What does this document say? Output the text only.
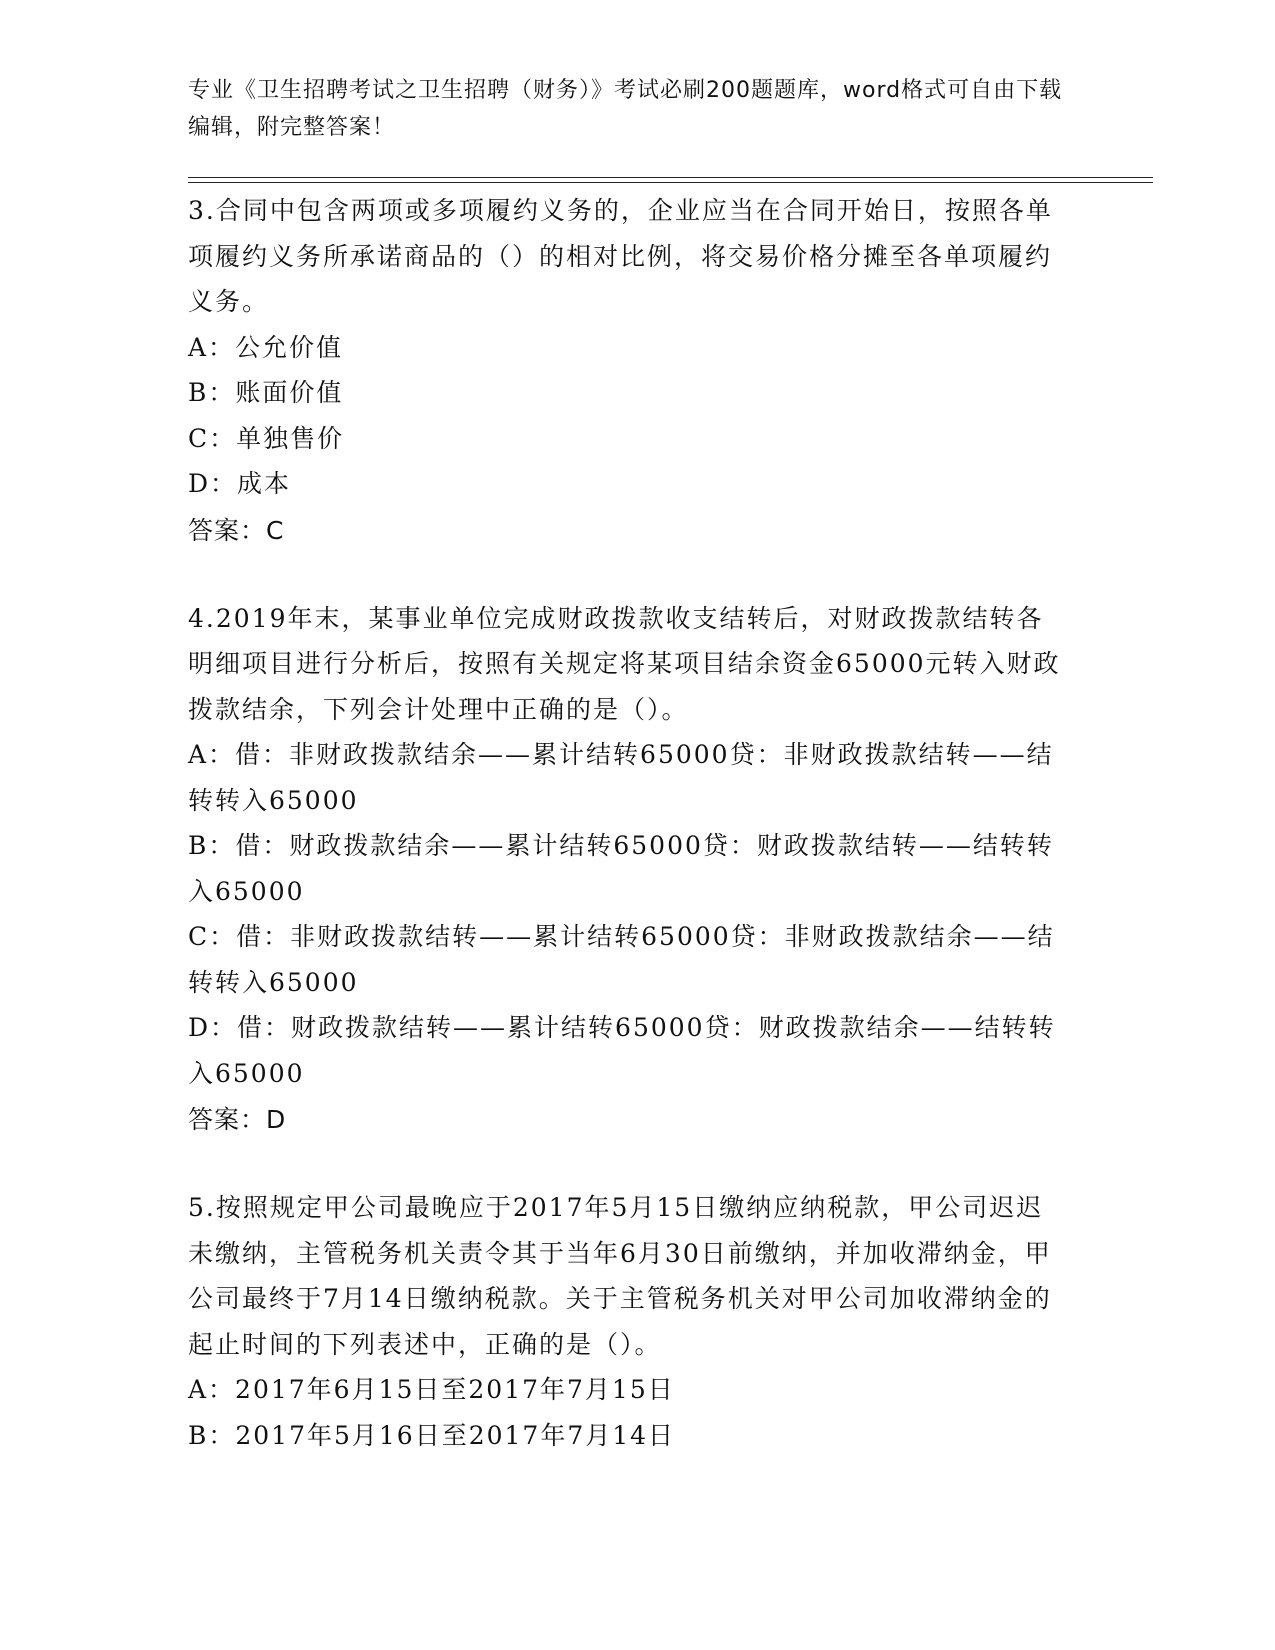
专业《卫生招聘考试之卫生招聘（财务）》考试必刷200题题库，word格式可自由下载编辑，附完整答案！

3.合同中包含两项或多项履约义务的，企业应当在合同开始日，按照各单项履约义务所承诺商品的（）的相对比例，将交易价格分摊至各单项履约义务。

A：公允价值

B：账面价值

C：单独售价

D：成本

答案：C

4.2019年末，某事业单位完成财政拨款收支结转后，对财政拨款结转各明细项目进行分析后，按照有关规定将某项目结余资金65000元转入财政拨款结余，下列会计处理中正确的是（）。

A：借：非财政拨款结余——累计结转65000贷：非财政拨款结转——结转转入65000

B：借：财政拨款结余——累计结转65000贷：财政拨款结转——结转转入65000

C：借：非财政拨款结转——累计结转65000贷：非财政拨款结余——结转转入65000

D：借：财政拨款结转——累计结转65000贷：财政拨款结余——结转转入65000

答案：D

5.按照规定甲公司最晚应于2017年5月15日缴纳应纳税款，甲公司迟迟未缴纳，主管税务机关责令其于当年6月30日前缴纳，并加收滞纳金，甲公司最终于7月14日缴纳税款。关于主管税务机关对甲公司加收滞纳金的起止时间的下列表述中，正确的是（）。

A：2017年6月15日至2017年7月15日

B：2017年5月16日至2017年7月14日
